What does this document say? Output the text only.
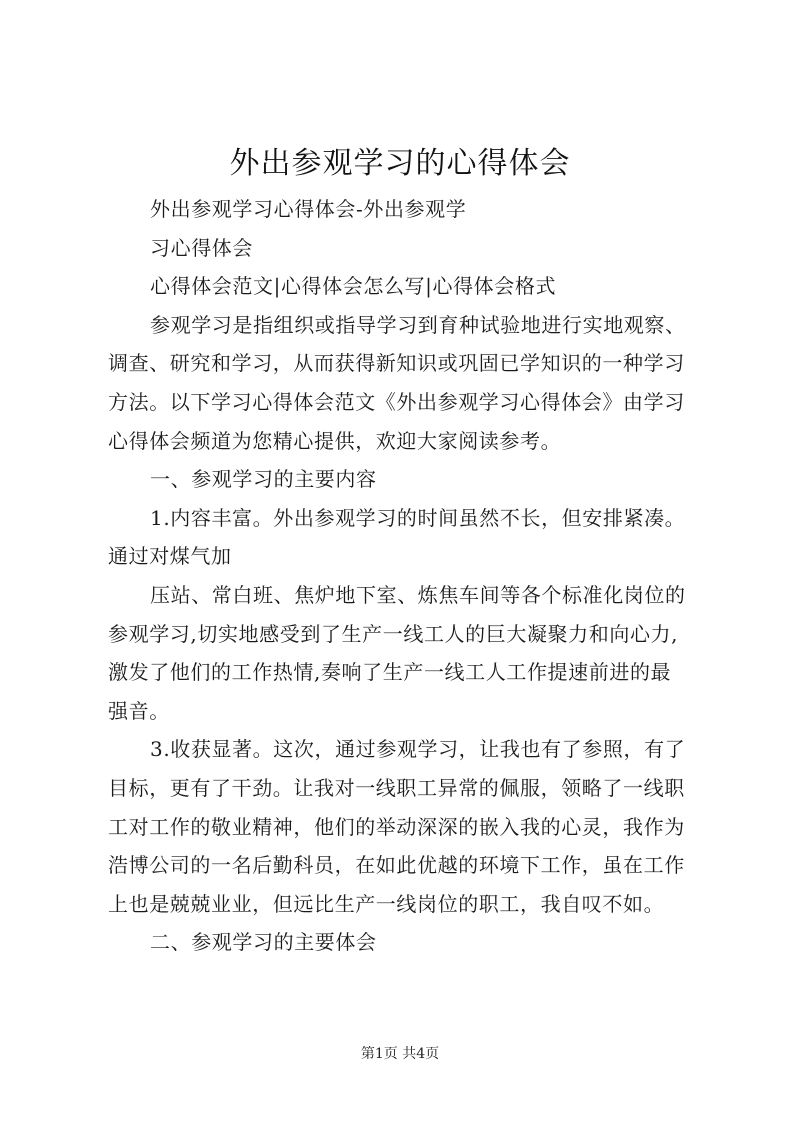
外出参观学习的心得体会

外出参观学习心得体会-外出参观学

习心得体会

心得体会范文|心得体会怎么写|心得体会格式

参观学习是指组织或指导学习到育种试验地进行实地观察、

调查、研究和学习，从而获得新知识或巩固已学知识的一种学习

方法。以下学习心得体会范文《外出参观学习心得体会》由学习

心得体会频道为您精心提供，欢迎大家阅读参考。

一、参观学习的主要内容

1.内容丰富。外出参观学习的时间虽然不长，但安排紧凑。

通过对煤气加

压站、常白班、焦炉地下室、炼焦车间等各个标准化岗位的

参观学习,切实地感受到了生产一线工人的巨大凝聚力和向心力,

激发了他们的工作热情,奏响了生产一线工人工作提速前进的最

强音。

3.收获显著。这次，通过参观学习，让我也有了参照，有了

目标，更有了干劲。让我对一线职工异常的佩服，领略了一线职

工对工作的敬业精神，他们的举动深深的嵌入我的心灵，我作为

浩博公司的一名后勤科员，在如此优越的环境下工作，虽在工作

上也是兢兢业业，但远比生产一线岗位的职工，我自叹不如。

二、参观学习的主要体会

第1页 共4页
